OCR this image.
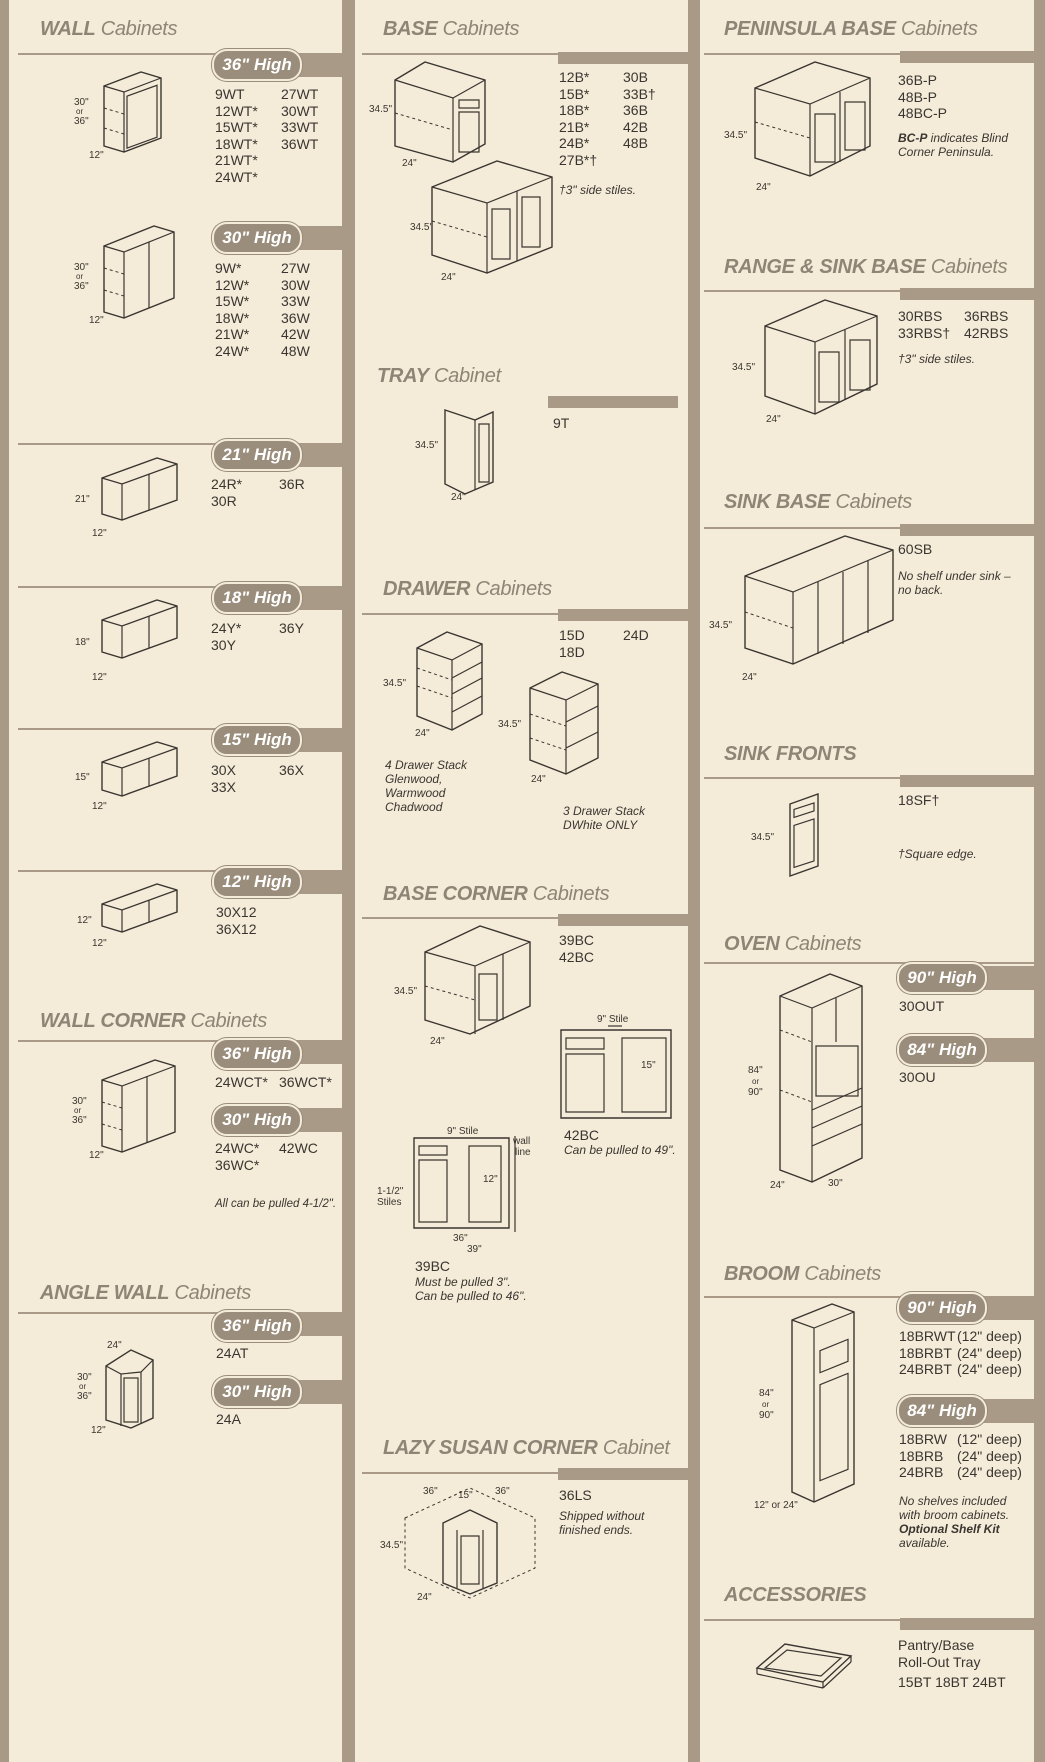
WALL Cabinets
36" High
30"
or
36"
12"
9WT	27WT
12WT*	30WT
15WT*	33WT
18WT*	36WT
21WT*
24WT*
30" High
30"
or
36"
12"
9W*	27W
12W*	30W
15W*	33W
18W*	36W
21W*	42W
24W*	48W
21" High
21"
12"
24R*	36R
30R
18" High
18"
12"
24Y*	36Y
30Y
15" High
15"
12"
30X	36X
33X
12" High
12"
12"
30X12
36X12
WALL CORNER Cabinets
36" High
24WCT* 36WCT*
30" High
24WC*	42WC
36WC*
All can be pulled 4-1/2".
30"
or
36"
12"
ANGLE WALL Cabinets
36" High
24AT
30" High
24A
24"
30"
or
36"
12"
BASE Cabinets
34.5"
24"
34.5"
24"
12B*	30B
15B*	33B†
18B*	36B
21B*	42B
24B*	48B
27B*†
†3" side stiles.
TRAY Cabinet
34.5"
24"
9T
DRAWER Cabinets
15D	24D
18D
34.5"
24"
4 Drawer Stack
Glenwood,
Warmwood
Chadwood
34.5"
24"
3 Drawer Stack
DWhite ONLY
BASE CORNER Cabinets
39BC
42BC
34.5"
24"
9" Stile
15"
42BC
Can be pulled to 49".
9" Stile
wall
line
12"
1-1/2"
Stiles
36"
39"
39BC
Must be pulled 3".
Can be pulled to 46".
LAZY SUSAN CORNER Cabinet
36LS
Shipped without
finished ends.
36" 15" 36"
34.5"
24"
PENINSULA BASE Cabinets
34.5"
24"
36B-P
48B-P
48BC-P
BC-P indicates Blind
Corner Peninsula.
RANGE & SINK BASE Cabinets
34.5"
24"
30RBS	36RBS
33RBS† 42RBS
†3" side stiles.
SINK BASE Cabinets
34.5"
24"
60SB
No shelf under sink –
no back.
SINK FRONTS
34.5"
18SF†
†Square edge.
OVEN Cabinets
90" High
30OUT
84" High
30OU
84"
or
90"
24"	30"
BROOM Cabinets
90" High
18BRWT (12" deep)
18BRBT (24" deep)
24BRBT (24" deep)
84" High
18BRW (12" deep)
18BRB (24" deep)
24BRB (24" deep)
No shelves included
with broom cabinets.
Optional Shelf Kit
available.
84"
or
90"
12" or 24"
ACCESSORIES
Pantry/Base
Roll-Out Tray
15BT 18BT 24BT
